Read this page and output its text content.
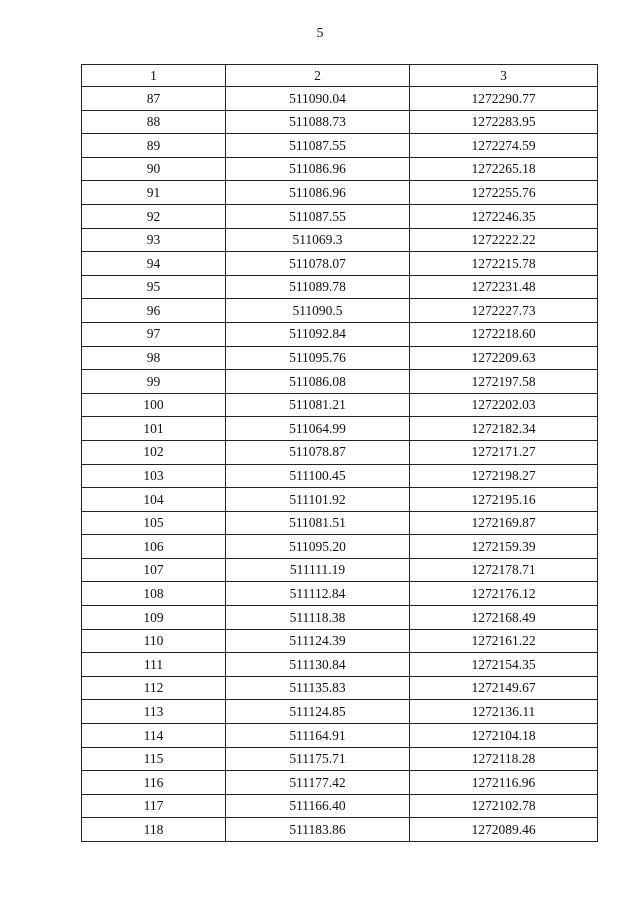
5
1	2	3
87	511090.04	1272290.77
88	511088.73	1272283.95
89	511087.55	1272274.59
90	511086.96	1272265.18
91	511086.96	1272255.76
92	511087.55	1272246.35
93	511069.3	1272222.22
94	511078.07	1272215.78
95	511089.78	1272231.48
96	511090.5	1272227.73
97	511092.84	1272218.60
98	511095.76	1272209.63
99	511086.08	1272197.58
100	511081.21	1272202.03
101	511064.99	1272182.34
102	511078.87	1272171.27
103	511100.45	1272198.27
104	511101.92	1272195.16
105	511081.51	1272169.87
106	511095.20	1272159.39
107	511111.19	1272178.71
108	511112.84	1272176.12
109	511118.38	1272168.49
110	511124.39	1272161.22
111	511130.84	1272154.35
112	511135.83	1272149.67
113	511124.85	1272136.11
114	511164.91	1272104.18
115	511175.71	1272118.28
116	511177.42	1272116.96
117	511166.40	1272102.78
118	511183.86	1272089.46
